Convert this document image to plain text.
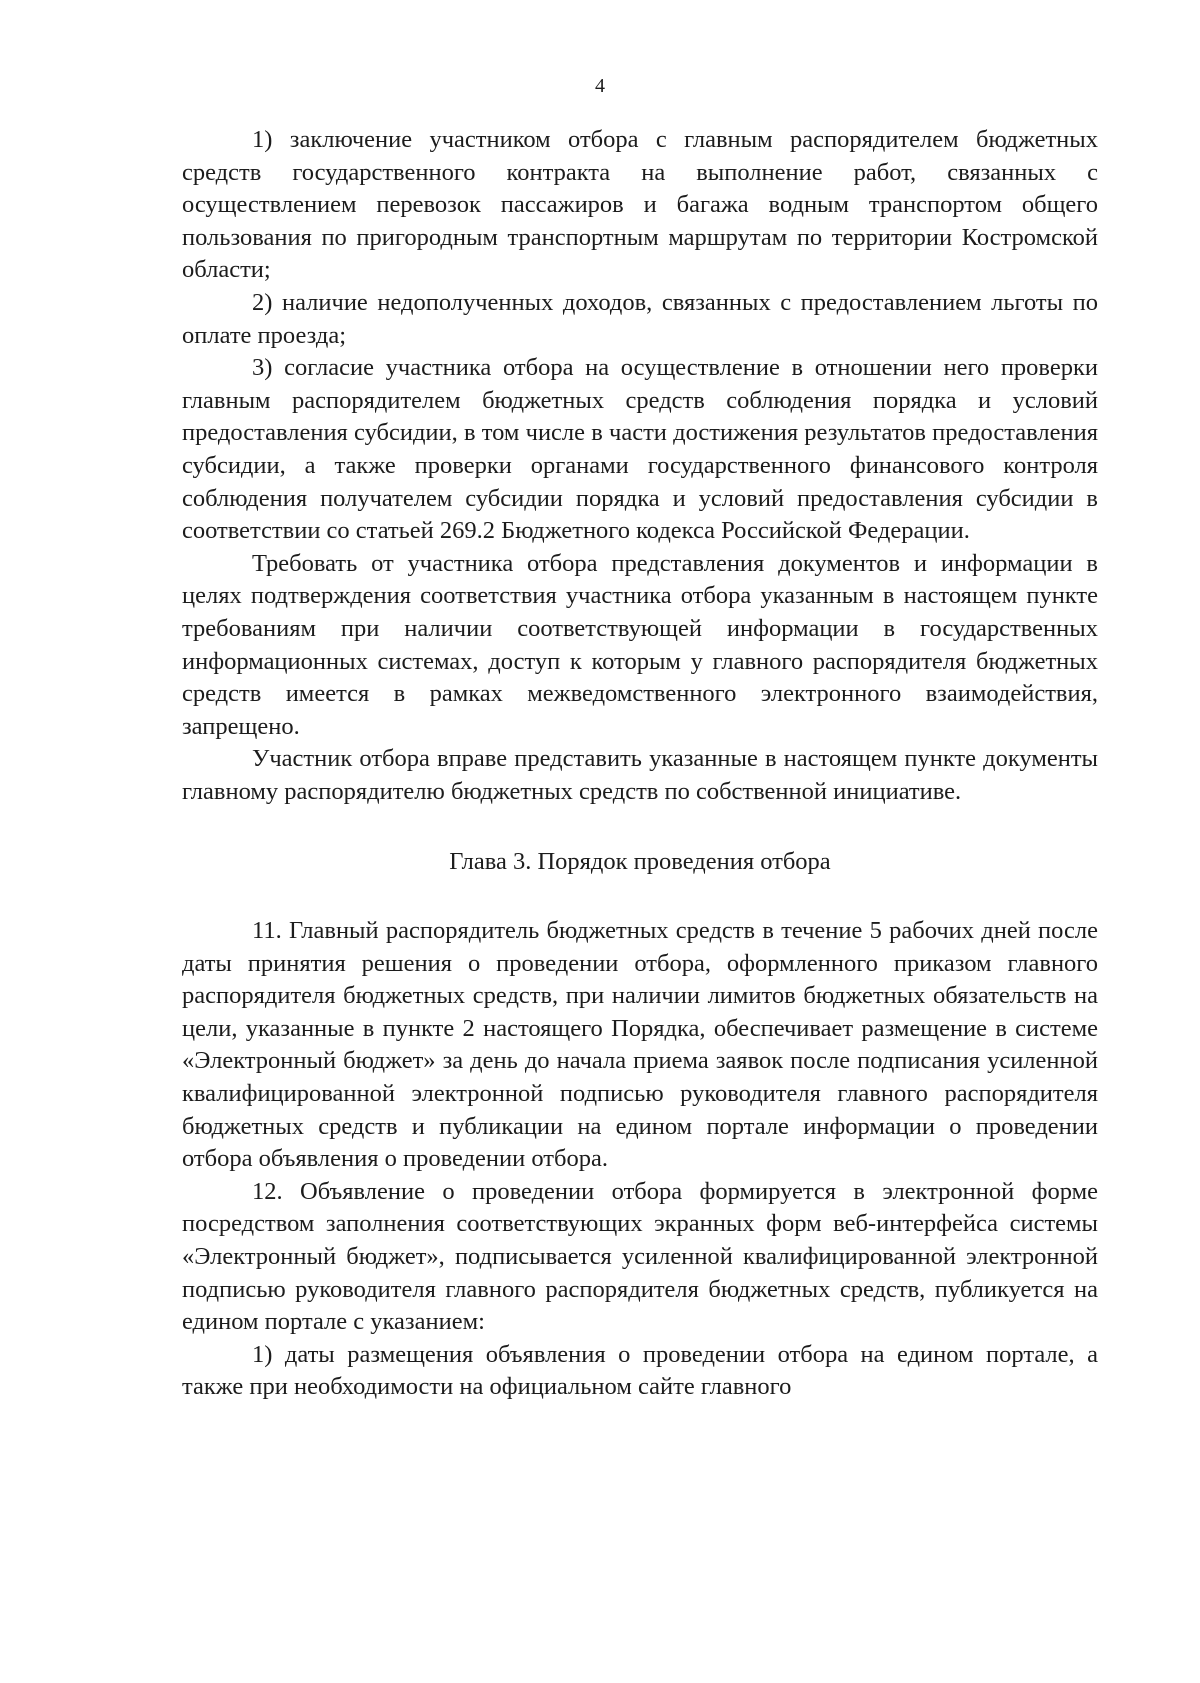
4

1) заключение участником отбора с главным распорядителем бюджетных средств государственного контракта на выполнение работ, связанных с осуществлением перевозок пассажиров и багажа водным транспортом общего пользования по пригородным транспортным маршрутам по территории Костромской области;

2) наличие недополученных доходов, связанных с предоставлением льготы по оплате проезда;

3) согласие участника отбора на осуществление в отношении него проверки главным распорядителем бюджетных средств соблюдения порядка и условий предоставления субсидии, в том числе в части достижения результатов предоставления субсидии, а также проверки органами государственного финансового контроля соблюдения получателем субсидии порядка и условий предоставления субсидии в соответствии со статьей 269.2 Бюджетного кодекса Российской Федерации.

Требовать от участника отбора представления документов и информации в целях подтверждения соответствия участника отбора указанным в настоящем пункте требованиям при наличии соответствующей информации в государственных информационных системах, доступ к которым у главного распорядителя бюджетных средств имеется в рамках межведомственного электронного взаимодействия, запрещено.

Участник отбора вправе представить указанные в настоящем пункте документы главному распорядителю бюджетных средств по собственной инициативе.

Глава 3. Порядок проведения отбора

11. Главный распорядитель бюджетных средств в течение 5 рабочих дней после даты принятия решения о проведении отбора, оформленного приказом главного распорядителя бюджетных средств, при наличии лимитов бюджетных обязательств на цели, указанные в пункте 2 настоящего Порядка, обеспечивает размещение в системе «Электронный бюджет» за день до начала приема заявок после подписания усиленной квалифицированной электронной подписью руководителя главного распорядителя бюджетных средств и публикации на едином портале информации о проведении отбора объявления о проведении отбора.

12. Объявление о проведении отбора формируется в электронной форме посредством заполнения соответствующих экранных форм веб-интерфейса системы «Электронный бюджет», подписывается усиленной квалифицированной электронной подписью руководителя главного распорядителя бюджетных средств, публикуется на едином портале с указанием:

1) даты размещения объявления о проведении отбора на едином портале, а также при необходимости на официальном сайте главного
